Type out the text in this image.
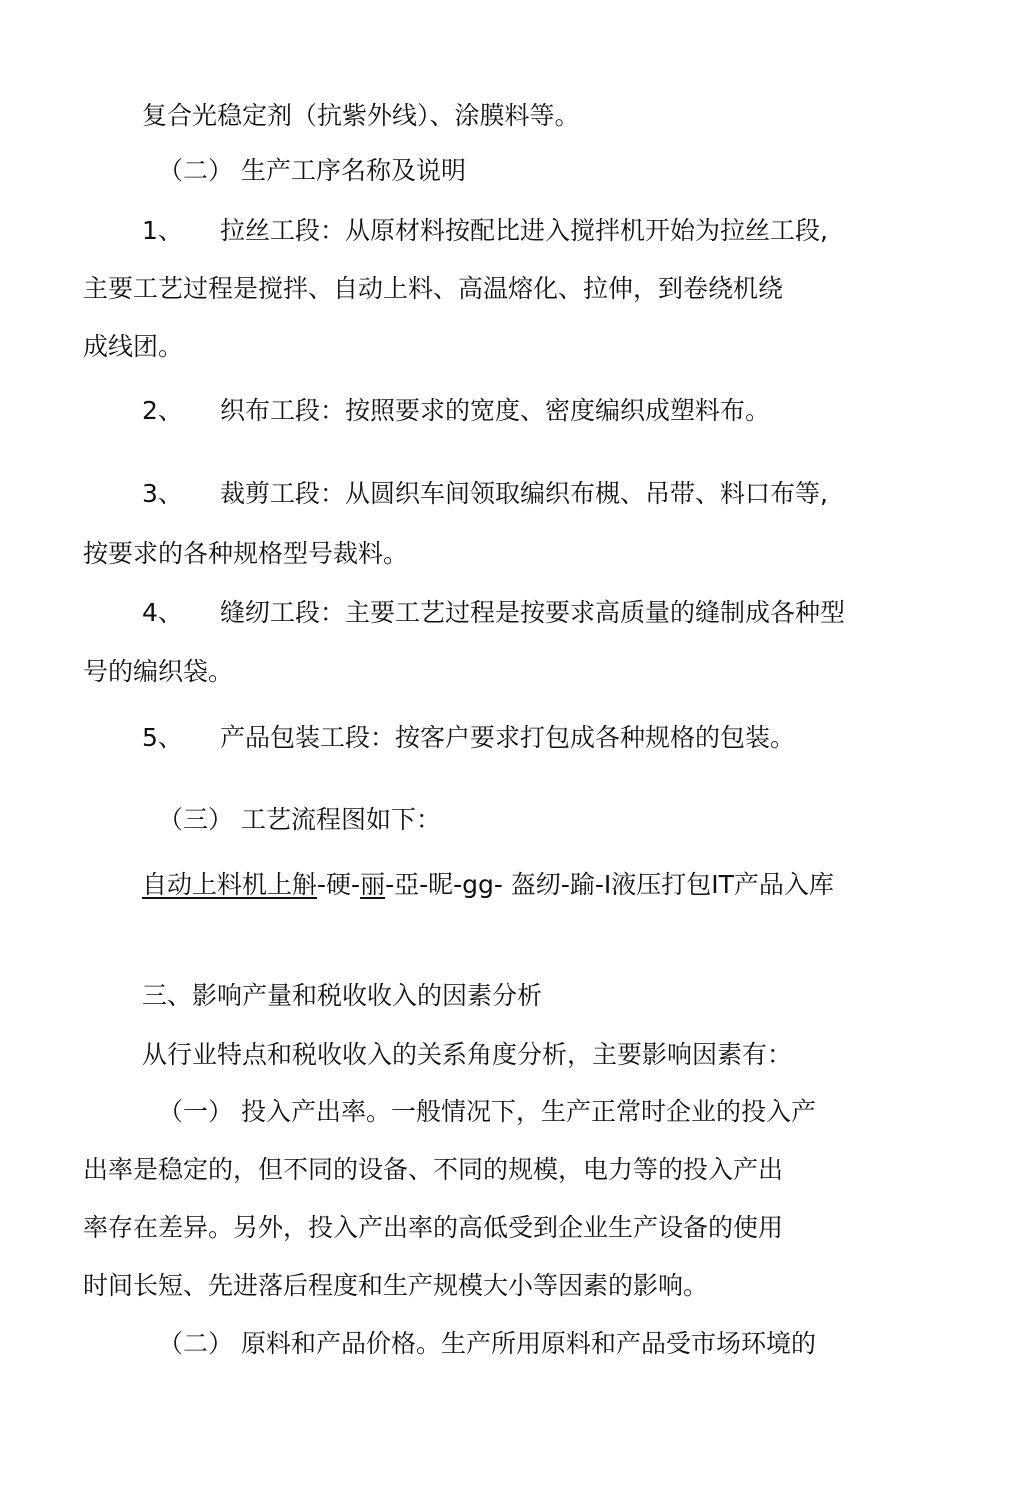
复合光稳定剂（抗紫外线）、涂膜料等。
（二） 生产工序名称及说明
1、 拉丝工段：从原材料按配比进入搅拌机开始为拉丝工段,
主要工艺过程是搅拌、自动上料、高温熔化、拉伸，到卷绕机绕
成线团。
2、 织布工段：按照要求的宽度、密度编织成塑料布。
3、 裁剪工段：从圆织车间领取编织布槻、吊带、料口布等,
按要求的各种规格型号裁料。
4、 缝纫工段：主要工艺过程是按要求高质量的缝制成各种型
号的编织袋。
5、 产品包装工段：按客户要求打包成各种规格的包装。
（三） 工艺流程图如下：
自动上料机上斛-硬-丽-亞-昵-gg- 盔纫-踰-I液压打包IT产品入库
三、影响产量和税收收入的因素分析
从行业特点和税收收入的关系角度分析，主要影响因素有：
（一） 投入产出率。一般情况下，生产正常时企业的投入产
出率是稳定的，但不同的设备、不同的规模，电力等的投入产出
率存在差异。另外，投入产出率的高低受到企业生产设备的使用
时间长短、先进落后程度和生产规模大小等因素的影响。
（二） 原料和产品价格。生产所用原料和产品受市场环境的
